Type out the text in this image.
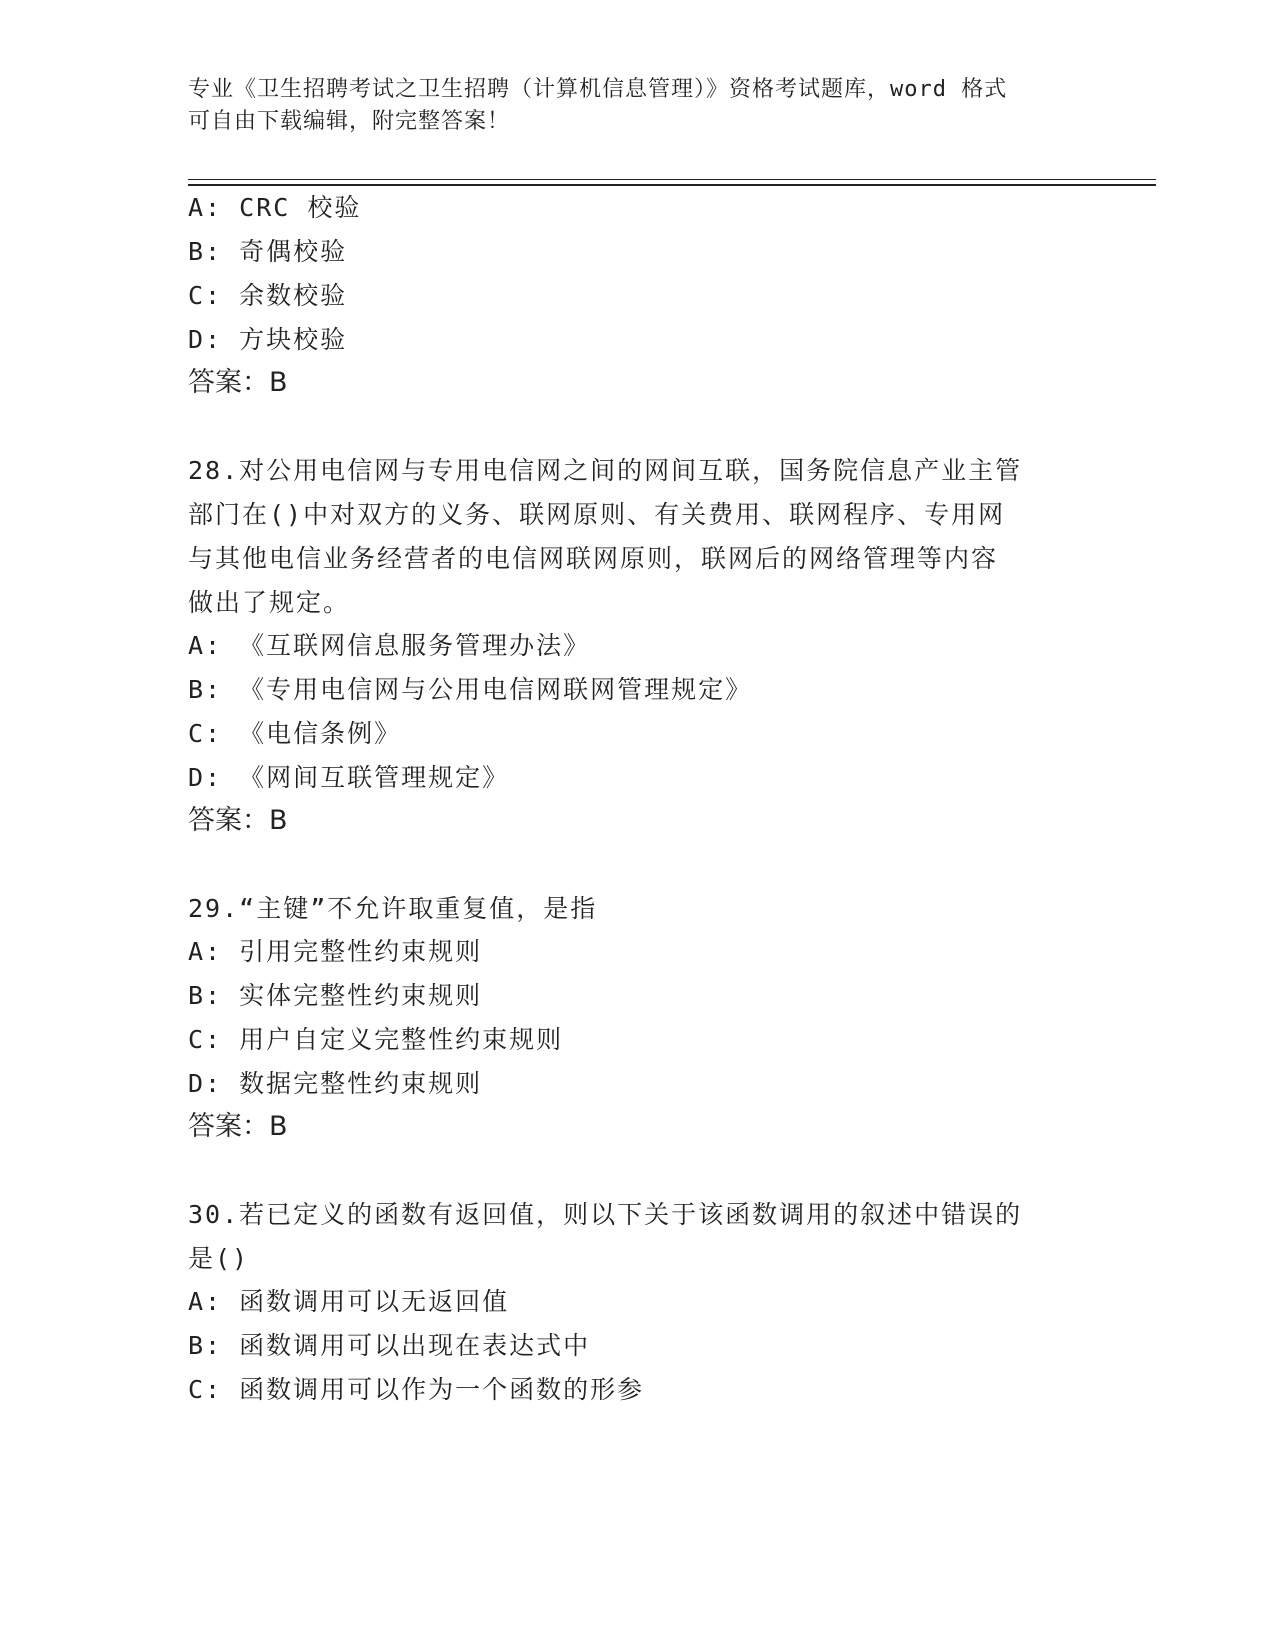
专业《卫生招聘考试之卫生招聘（计算机信息管理）》资格考试题库，word 格式
可自由下载编辑，附完整答案！
A: CRC 校验
B: 奇偶校验
C: 余数校验
D: 方块校验
答案：B
28.对公用电信网与专用电信网之间的网间互联，国务院信息产业主管
部门在()中对双方的义务、联网原则、有关费用、联网程序、专用网
与其他电信业务经营者的电信网联网原则，联网后的网络管理等内容
做出了规定。
A: 《互联网信息服务管理办法》
B: 《专用电信网与公用电信网联网管理规定》
C: 《电信条例》
D: 《网间互联管理规定》
答案：B
29.“主键”不允许取重复值，是指
A: 引用完整性约束规则
B: 实体完整性约束规则
C: 用户自定义完整性约束规则
D: 数据完整性约束规则
答案：B
30.若已定义的函数有返回值，则以下关于该函数调用的叙述中错误的
是()
A: 函数调用可以无返回值
B: 函数调用可以出现在表达式中
C: 函数调用可以作为一个函数的形参
